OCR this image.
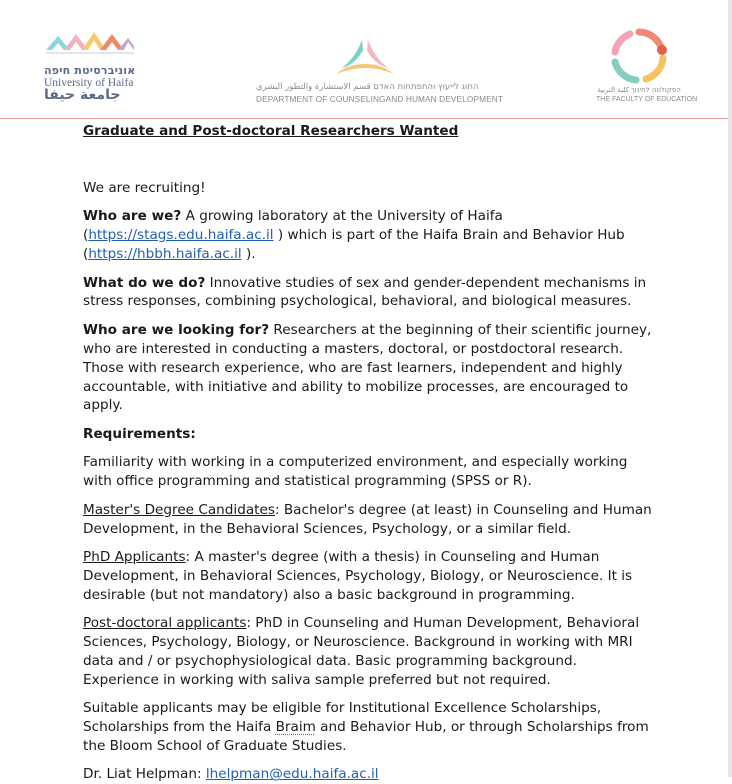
אוניברסיטת חיפה
University of Haifa
جامعة حيفا	החוג לייעוץ והתפתחות האדם قسم الاستشارة والتطور البشري
DEPARTMENT OF COUNSELINGAND HUMAN DEVELOPMENT
הפקולטה לחינוך كلية التربية
THE FACULTY OF EDUCATION

Graduate and Post-doctoral Researchers Wanted

We are recruiting!

Who are we? A growing laboratory at the University of Haifa (https://stags.edu.haifa.ac.il ) which is part of the Haifa Brain and Behavior Hub (https://hbbh.haifa.ac.il ).

What do we do? Innovative studies of sex and gender-dependent mechanisms in stress responses, combining psychological, behavioral, and biological measures.

Who are we looking for? Researchers at the beginning of their scientific journey, who are interested in conducting a masters, doctoral, or postdoctoral research. Those with research experience, who are fast learners, independent and highly accountable, with initiative and ability to mobilize processes, are encouraged to apply.

Requirements:

Familiarity with working in a computerized environment, and especially working with office programming and statistical programming (SPSS or R).

Master's Degree Candidates: Bachelor's degree (at least) in Counseling and Human Development, in the Behavioral Sciences, Psychology, or a similar field.

PhD Applicants: A master's degree (with a thesis) in Counseling and Human Development, in Behavioral Sciences, Psychology, Biology, or Neuroscience. It is desirable (but not mandatory) also a basic background in programming.

Post-doctoral applicants: PhD in Counseling and Human Development, Behavioral Sciences, Psychology, Biology, or Neuroscience. Background in working with MRI data and / or psychophysiological data. Basic programming background. Experience in working with saliva sample preferred but not required.

Suitable applicants may be eligible for Institutional Excellence Scholarships, Scholarships from the Haifa Braim and Behavior Hub, or through Scholarships from the Bloom School of Graduate Studies.

Dr. Liat Helpman: lhelpman@edu.haifa.ac.il
